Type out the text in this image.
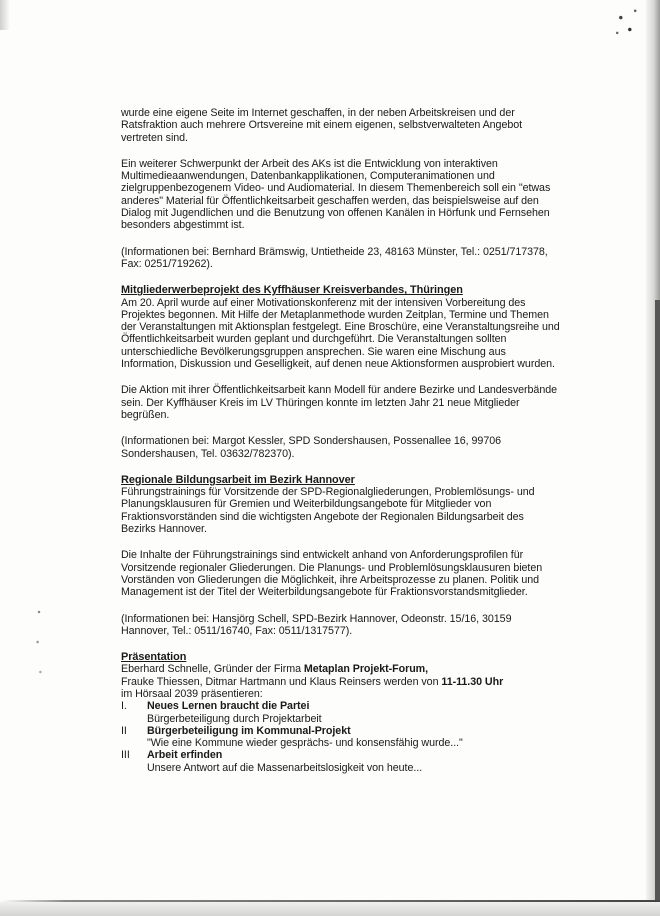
wurde eine eigene Seite im Internet geschaffen, in der neben Arbeitskreisen und der Ratsfraktion auch mehrere Ortsvereine mit einem eigenen, selbstverwalteten Angebot vertreten sind.

Ein weiterer Schwerpunkt der Arbeit des AKs ist die Entwicklung von interaktiven Multimedieaanwendungen, Datenbankapplikationen, Computeranimationen und zielgruppenbezogenem Video- und Audiomaterial. In diesem Themenbereich soll ein "etwas anderes" Material für Öffentlichkeitsarbeit geschaffen werden, das beispielsweise auf den Dialog mit Jugendlichen und die Benutzung von offenen Kanälen in Hörfunk und Fernsehen besonders abgestimmt ist.

(Informationen bei: Bernhard Brämswig, Untietheide 23, 48163 Münster, Tel.: 0251/717378, Fax: 0251/719262).

Mitgliederwerbeprojekt des Kyffhäuser Kreisverbandes, Thüringen

Am 20. April wurde auf einer Motivationskonferenz mit der intensiven Vorbereitung des Projektes begonnen. Mit Hilfe der Metaplanmethode wurden Zeitplan, Termine und Themen der Veranstaltungen mit Aktionsplan festgelegt. Eine Broschüre, eine Veranstaltungsreihe und Öffentlichkeitsarbeit wurden geplant und durchgeführt. Die Veranstaltungen sollten unterschiedliche Bevölkerungsgruppen ansprechen. Sie waren eine Mischung aus Information, Diskussion und Geselligkeit, auf denen neue Aktionsformen ausprobiert wurden.

Die Aktion mit ihrer Öffentlichkeitsarbeit kann Modell für andere Bezirke und Landesverbände sein. Der Kyffhäuser Kreis im LV Thüringen konnte im letzten Jahr 21 neue Mitglieder begrüßen.

(Informationen bei: Margot Kessler, SPD Sondershausen, Possenallee 16, 99706 Sondershausen, Tel. 03632/782370).

Regionale Bildungsarbeit im Bezirk Hannover

Führungstrainings für Vorsitzende der SPD-Regionalgliederungen, Problemlösungs- und Planungsklausuren für Gremien und Weiterbildungsangebote für Mitglieder von Fraktionsvorständen sind die wichtigsten Angebote der Regionalen Bildungsarbeit des Bezirks Hannover.

Die Inhalte der Führungstrainings sind entwickelt anhand von Anforderungsprofilen für Vorsitzende regionaler Gliederungen. Die Planungs- und Problemlösungsklausuren bieten Vorständen von Gliederungen die Möglichkeit, ihre Arbeitsprozesse zu planen. Politik und Management ist der Titel der Weiterbildungsangebote für Fraktionsvorstandsmitglieder.

(Informationen bei: Hansjörg Schell, SPD-Bezirk Hannover, Odeonstr. 15/16, 30159 Hannover, Tel.: 0511/16740, Fax: 0511/1317577).

Präsentation

Eberhard Schnelle, Gründer der Firma Metaplan Projekt-Forum,
Frauke Thiessen, Ditmar Hartmann und Klaus Reinsers werden von 11-11.30 Uhr
im Hörsaal 2039 präsentieren:
I.	Neues Lernen braucht die Partei
Bürgerbeteiligung durch Projektarbeit
II	Bürgerbeteiligung im Kommunal-Projekt
"Wie eine Kommune wieder gesprächs- und konsensfähig wurde..."
III	Arbeit erfinden
Unsere Antwort auf die Massenarbeitslosigkeit von heute...
